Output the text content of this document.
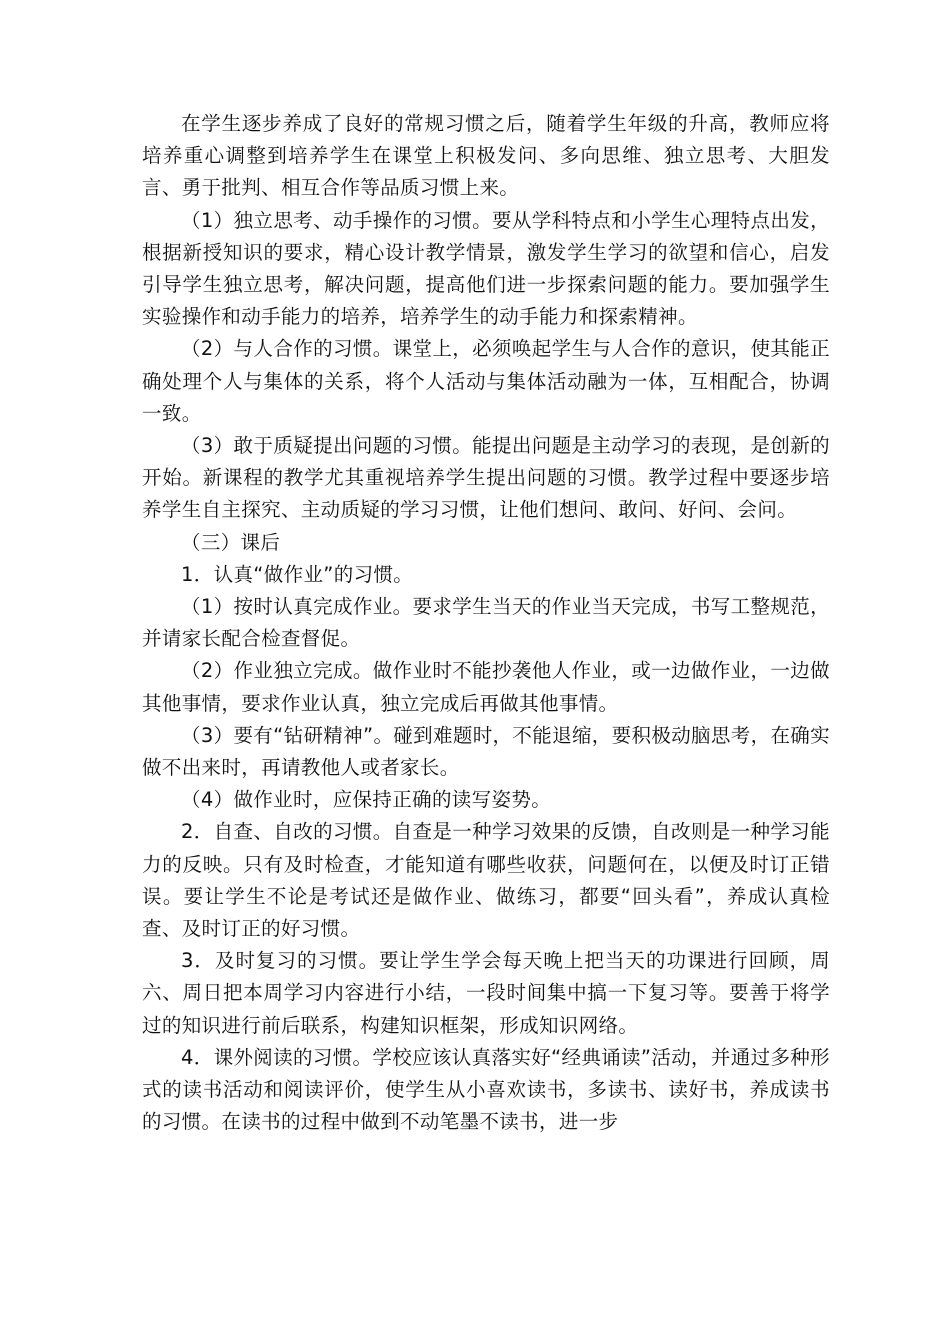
在学生逐步养成了良好的常规习惯之后，随着学生年级的升高，教师应将培养重心调整到培养学生在课堂上积极发问、多向思维、独立思考、大胆发言、勇于批判、相互合作等品质习惯上来。

（1）独立思考、动手操作的习惯。要从学科特点和小学生心理特点出发，根据新授知识的要求，精心设计教学情景，激发学生学习的欲望和信心，启发引导学生独立思考，解决问题，提高他们进一步探索问题的能力。要加强学生实验操作和动手能力的培养，培养学生的动手能力和探索精神。

（2）与人合作的习惯。课堂上，必须唤起学生与人合作的意识，使其能正确处理个人与集体的关系，将个人活动与集体活动融为一体，互相配合，协调一致。

（3）敢于质疑提出问题的习惯。能提出问题是主动学习的表现，是创新的开始。新课程的教学尤其重视培养学生提出问题的习惯。教学过程中要逐步培养学生自主探究、主动质疑的学习习惯，让他们想问、敢问、好问、会问。

（三）课后

1．认真“做作业”的习惯。

（1）按时认真完成作业。要求学生当天的作业当天完成，书写工整规范，并请家长配合检查督促。

（2）作业独立完成。做作业时不能抄袭他人作业，或一边做作业，一边做其他事情，要求作业认真，独立完成后再做其他事情。

（3）要有“钻研精神”。碰到难题时，不能退缩，要积极动脑思考，在确实做不出来时，再请教他人或者家长。

（4）做作业时，应保持正确的读写姿势。

2．自查、自改的习惯。自查是一种学习效果的反馈，自改则是一种学习能力的反映。只有及时检查，才能知道有哪些收获，问题何在，以便及时订正错误。要让学生不论是考试还是做作业、做练习，都要“回头看”，养成认真检查、及时订正的好习惯。

3．及时复习的习惯。要让学生学会每天晚上把当天的功课进行回顾，周六、周日把本周学习内容进行小结，一段时间集中搞一下复习等。要善于将学过的知识进行前后联系，构建知识框架，形成知识网络。

4．课外阅读的习惯。学校应该认真落实好“经典诵读”活动，并通过多种形式的读书活动和阅读评价，使学生从小喜欢读书，多读书、读好书，养成读书的习惯。在读书的过程中做到不动笔墨不读书，进一步
